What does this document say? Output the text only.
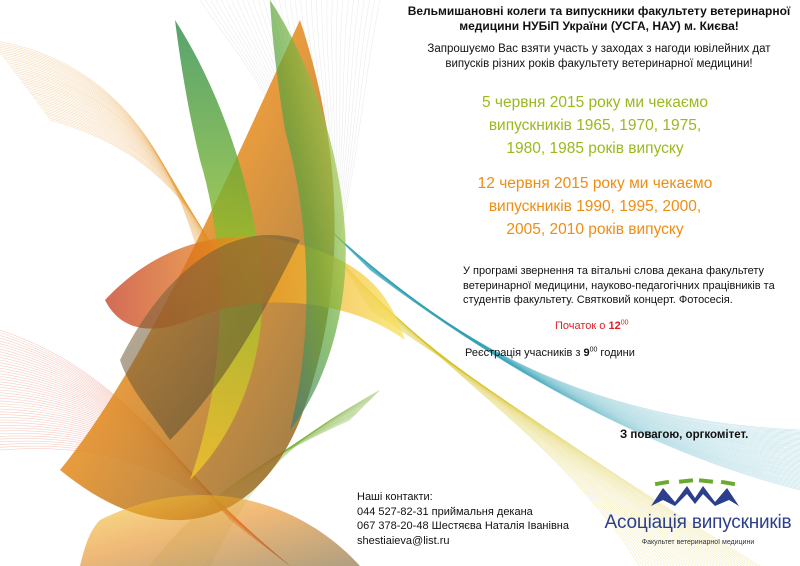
Вельмишановні колеги та випускники факультету ветеринарної
медицини НУБіП України (УСГА, НАУ) м. Києва!
Запрошуємо Вас взяти участь у заходах з нагоди ювілейних дат
випусків різних років факультету ветеринарної медицини!
5 червня 2015 року ми чекаємо
випускників 1965, 1970, 1975,
1980, 1985 років випуску
12 червня 2015 року ми чекаємо
випускників 1990, 1995, 2000,
2005, 2010 років випуску
У програмі звернення та вітальні слова декана факультету
ветеринарної медицини, науково-педагогічних працівників та
студентів факультету. Святковий концерт. Фотосесія.
Початок о $12^{00}$
Реєстрація учасників з $9^{00}$ години
З повагою, оргкомітет.
Наші контакти:
044 527-82-31 приймальня декана
067 378-20-48 Шестяєва Наталія Іванівна
shestiaieva@list.ru
Асоціація випускників
Факультет ветеринарної медицини
